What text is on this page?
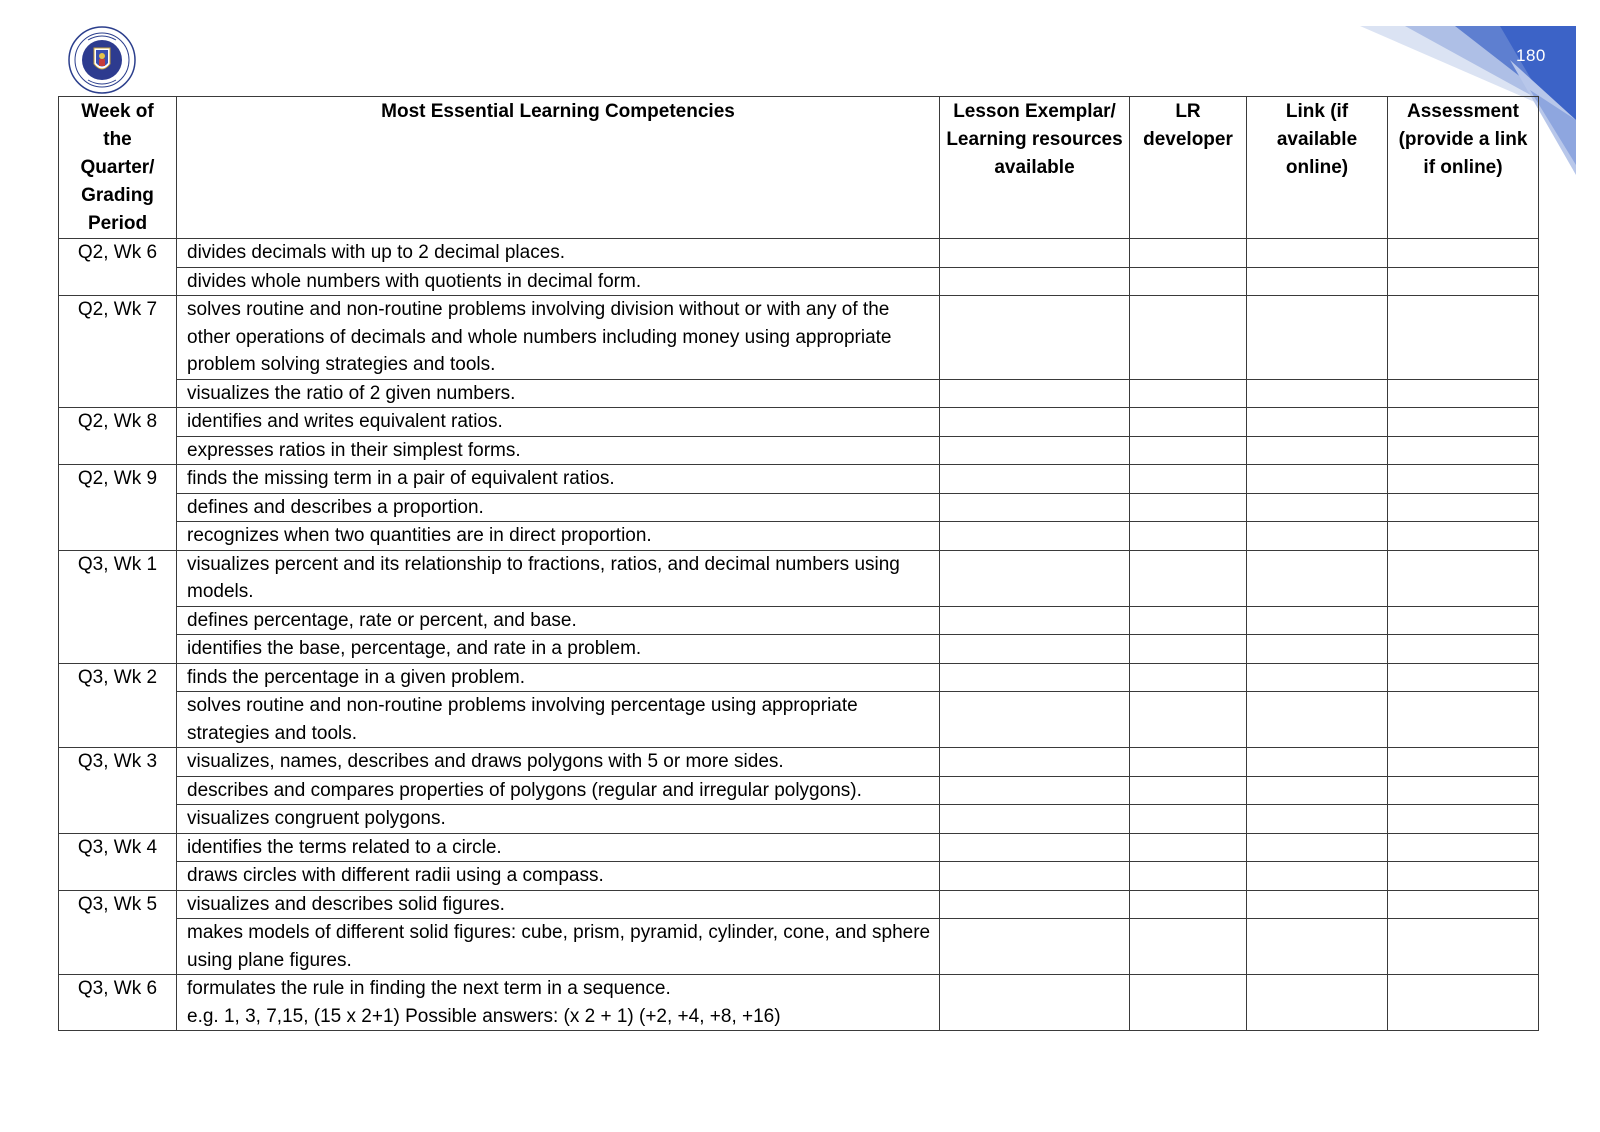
180
Week of the Quarter/ Grading Period	Most Essential Learning Competencies	Lesson Exemplar/ Learning resources available	LR developer	Link (if available online)	Assessment (provide a link if online)
Q2, Wk 6	divides decimals with up to 2 decimal places.				
	divides whole numbers with quotients in decimal form.				
Q2, Wk 7	solves routine and non-routine problems involving division without or with any of the other operations of decimals and whole numbers including money using appropriate problem solving strategies and tools.				
	visualizes the ratio of 2 given numbers.				
Q2, Wk 8	identifies and writes equivalent ratios.				
	expresses ratios in their simplest forms.				
Q2, Wk 9	finds the missing term in a pair of equivalent ratios.				
	defines and describes a proportion.				
	recognizes when two quantities are in direct proportion.				
Q3, Wk 1	visualizes percent and its relationship to fractions, ratios, and decimal numbers using models.				
	defines percentage, rate or percent, and base.				
	identifies the base, percentage, and rate in a problem.				
Q3, Wk 2	finds the percentage in a given problem.				
	solves routine and non-routine problems involving percentage using appropriate strategies and tools.				
Q3, Wk 3	visualizes, names, describes and draws polygons with 5 or more sides.				
	describes and compares properties of polygons (regular and irregular polygons).				
	visualizes congruent polygons.				
Q3, Wk 4	identifies the terms related to a circle.				
	draws circles with different radii using a compass.				
Q3, Wk 5	visualizes and describes solid figures.				
	makes models of different solid figures: cube, prism, pyramid, cylinder, cone, and sphere using plane figures.				
Q3, Wk 6	formulates the rule in finding the next term in a sequence.
e.g. 1, 3, 7,15, (15 x 2+1) Possible answers: (x 2 + 1) (+2, +4, +8, +16)				
